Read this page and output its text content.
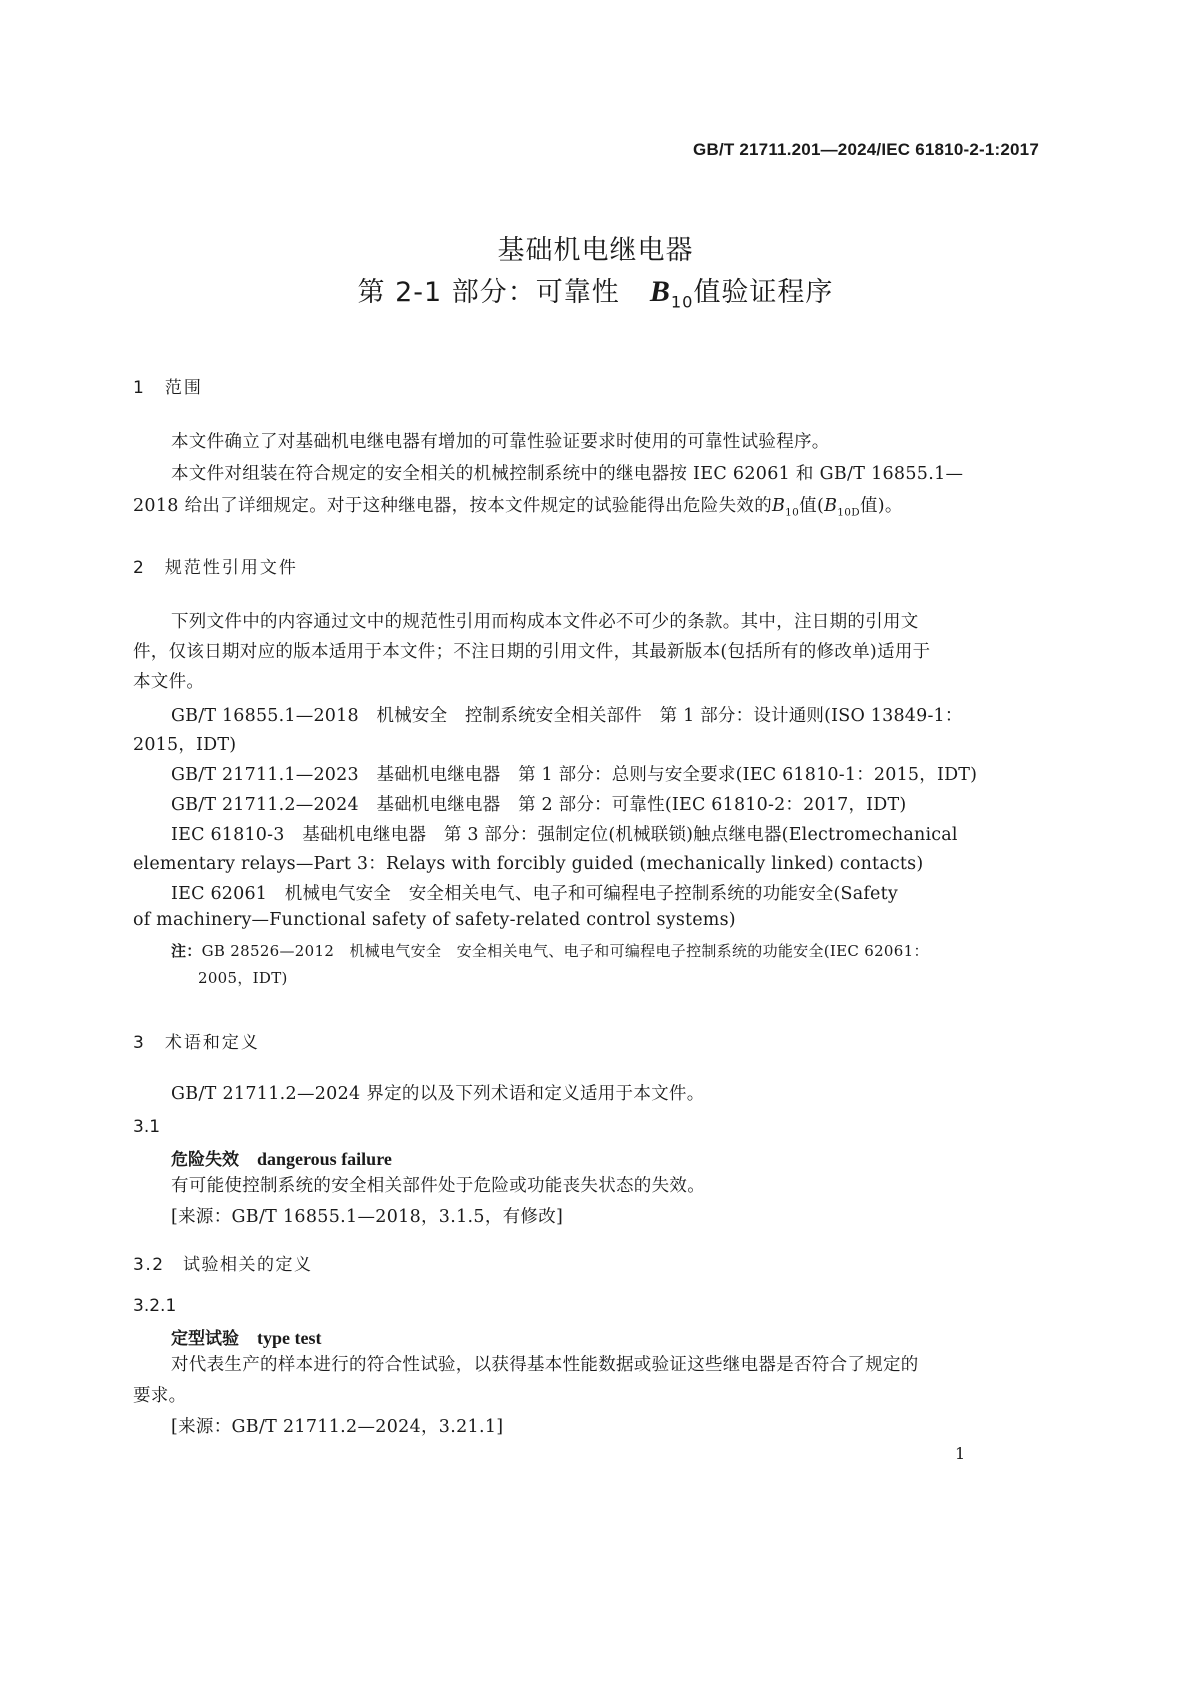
GB/T 21711.201—2024/IEC 61810-2-1:2017
基础机电继电器
第 2-1 部分：可靠性 $B_{10}$值验证程序
1　范围
本文件确立了对基础机电继电器有增加的可靠性验证要求时使用的可靠性试验程序。
本文件对组装在符合规定的安全相关的机械控制系统中的继电器按 IEC 62061 和 GB/T 16855.1—
2018 给出了详细规定。对于这种继电器，按本文件规定的试验能得出危险失效的$B_{10}$值($B_{10D}$值)。
2　规范性引用文件
下列文件中的内容通过文中的规范性引用而构成本文件必不可少的条款。其中，注日期的引用文
件，仅该日期对应的版本适用于本文件；不注日期的引用文件，其最新版本(包括所有的修改单)适用于
本文件。
GB/T 16855.1—2018　机械安全　控制系统安全相关部件　第 1 部分：设计通则(ISO 13849-1：
2015，IDT)
GB/T 21711.1—2023　基础机电继电器　第 1 部分：总则与安全要求(IEC 61810-1：2015，IDT)
GB/T 21711.2—2024　基础机电继电器　第 2 部分：可靠性(IEC 61810-2：2017，IDT)
IEC 61810-3　基础机电继电器　第 3 部分：强制定位(机械联锁)触点继电器(Electromechanical
elementary relays—Part 3：Relays with forcibly guided (mechanically linked) contacts)
IEC 62061　机械电气安全　安全相关电气、电子和可编程电子控制系统的功能安全(Safety
of machinery—Functional safety of safety-related control systems)
注：GB 28526—2012　机械电气安全　安全相关电气、电子和可编程电子控制系统的功能安全(IEC 62061：
2005，IDT)
3　术语和定义
GB/T 21711.2—2024 界定的以及下列术语和定义适用于本文件。
3.1
危险失效 dangerous failure
有可能使控制系统的安全相关部件处于危险或功能丧失状态的失效。
[来源：GB/T 16855.1—2018，3.1.5，有修改]
3.2　试验相关的定义
3.2.1
定型试验 type test
对代表生产的样本进行的符合性试验，以获得基本性能数据或验证这些继电器是否符合了规定的
要求。
[来源：GB/T 21711.2—2024，3.21.1]
1
